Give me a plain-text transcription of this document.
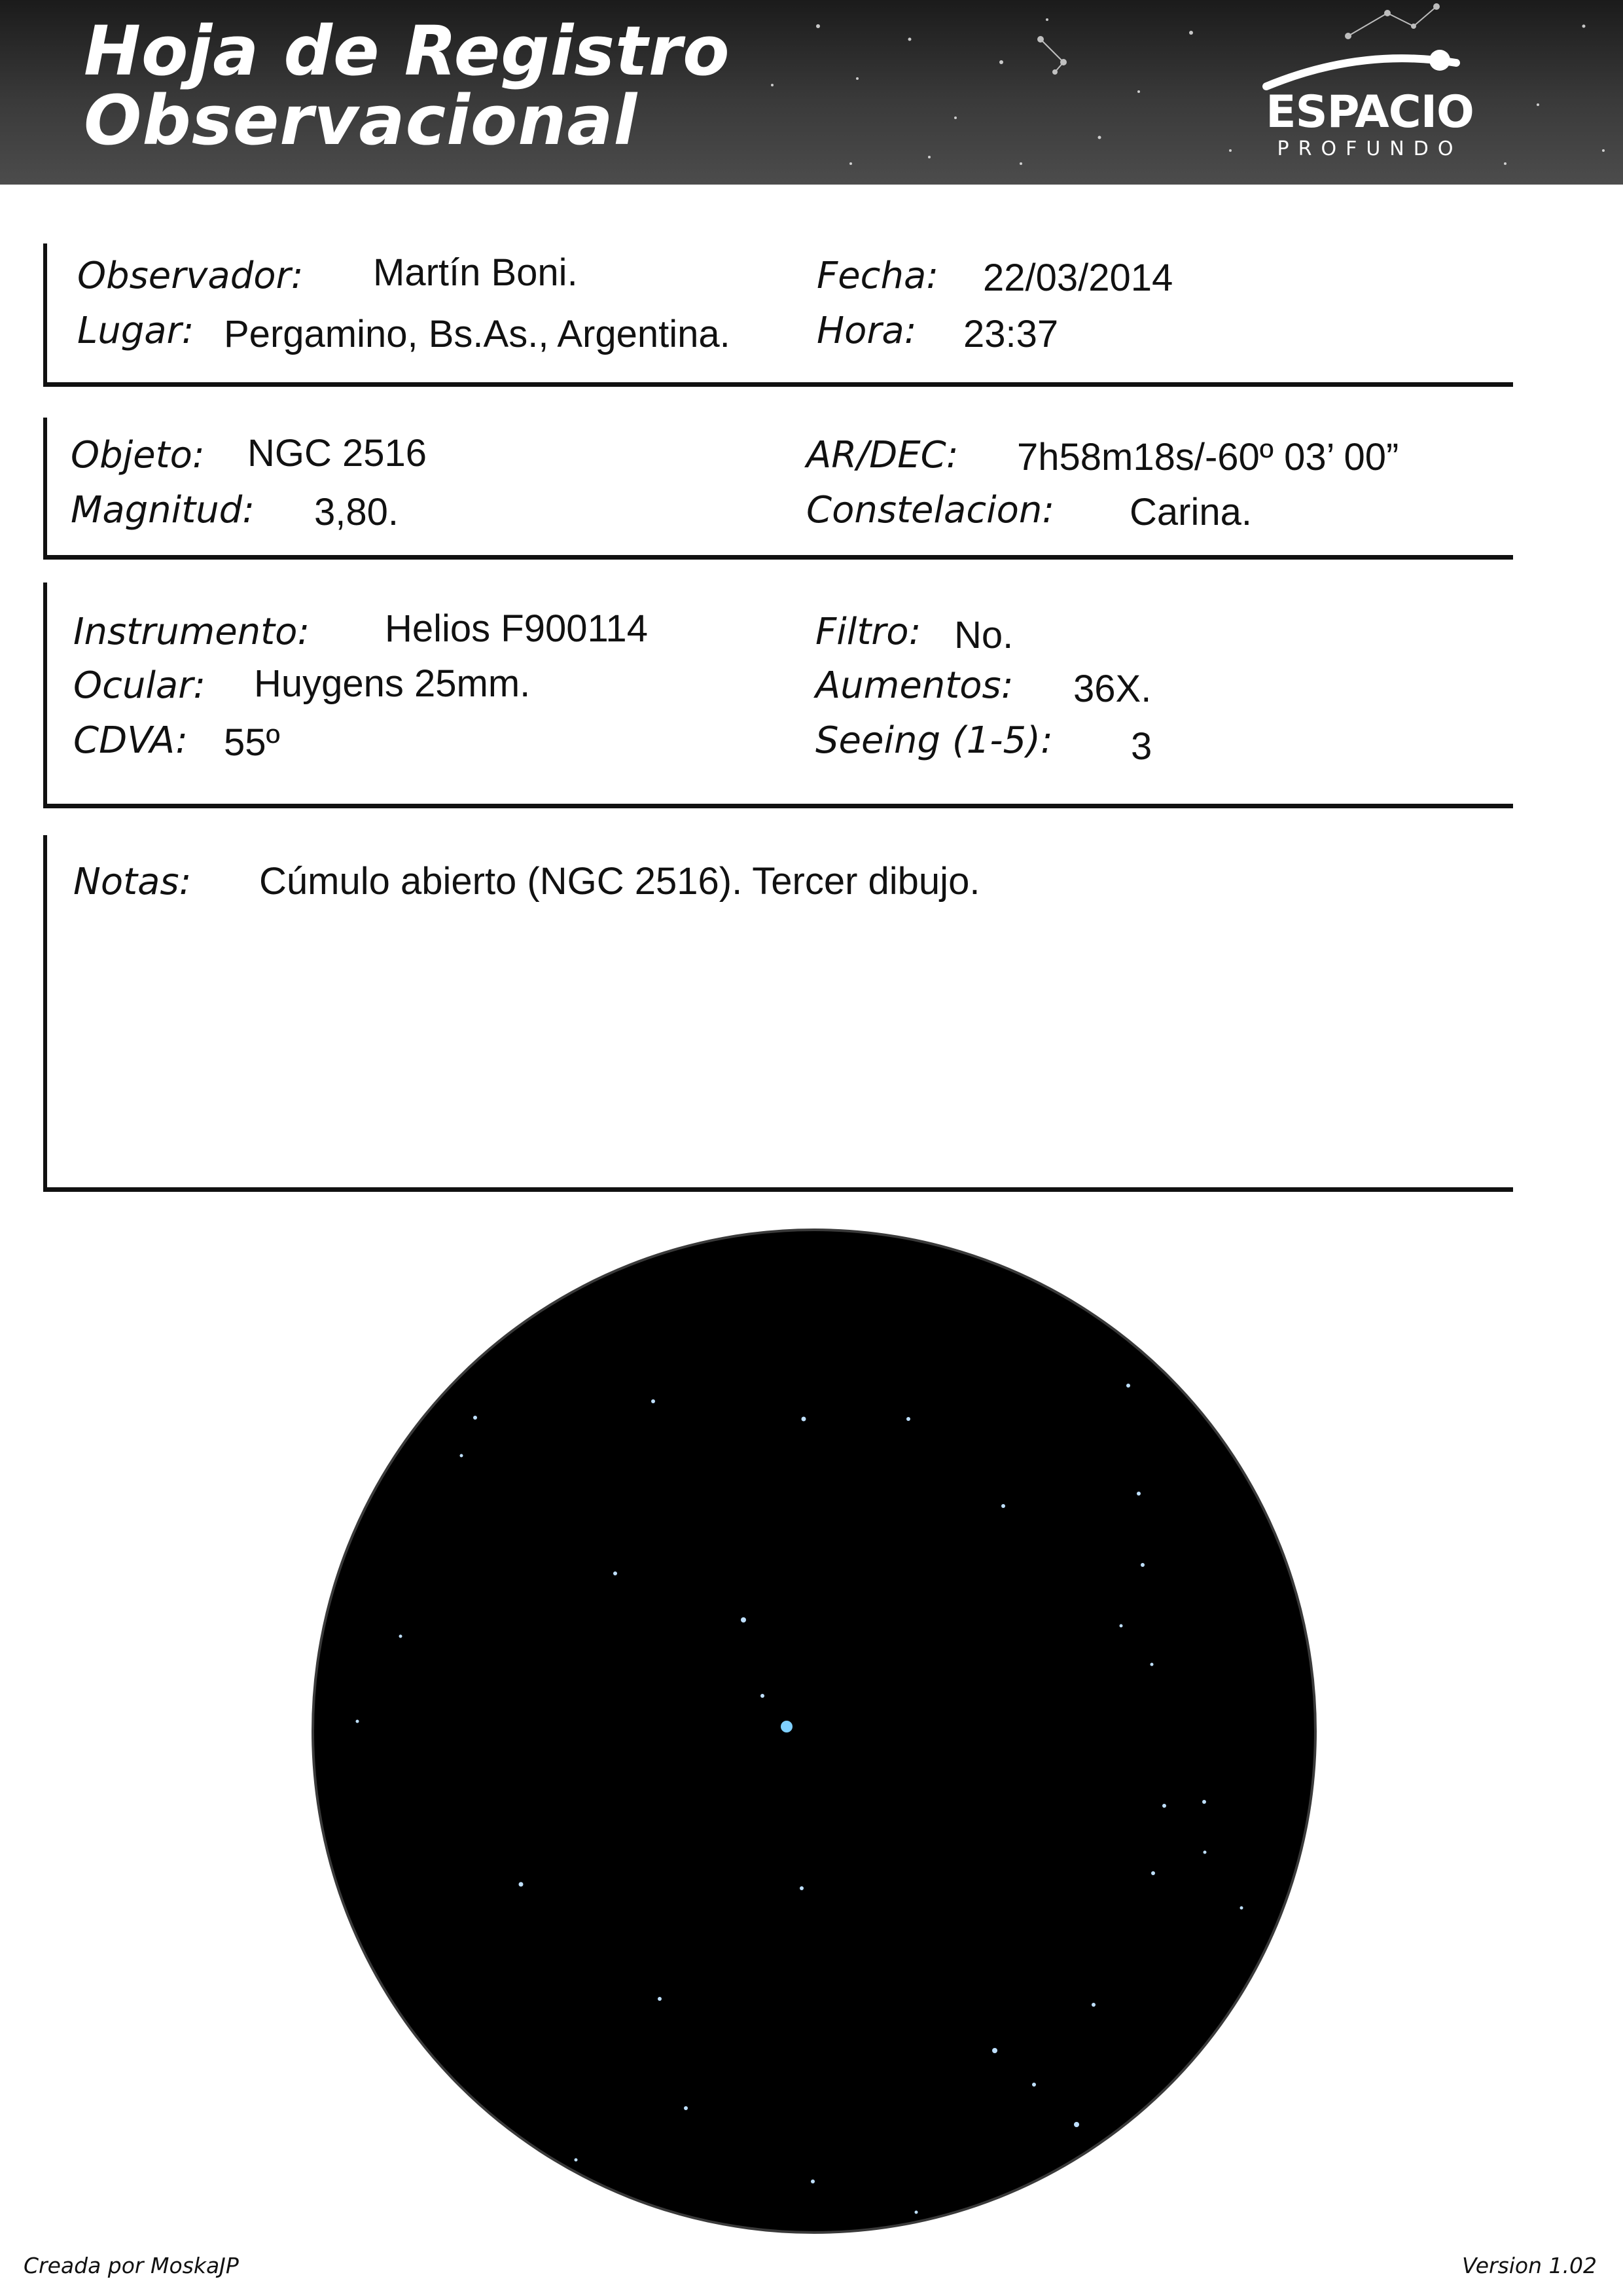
Hoja de Registro
Observacional	ESPACIO
PROFUNDO
Observador: Martín Boni.	Fecha: 22/03/2014
Lugar: Pergamino, Bs.As., Argentina. Hora: 23:37
Objeto: NGC 2516	AR/DEC: 7h58m18s/-60º 03’ 00”
Magnitud: 3,80.	Constelacion: Carina.
Instrumento: Helios F900114	Filtro: No.
Ocular: Huygens 25mm.	Aumentos: 36X.
CDVA: 55º	Seeing (1-5): 3
Notas: Cúmulo abierto (NGC 2516). Tercer dibujo.
Creada por MoskaJP	Version 1.02
